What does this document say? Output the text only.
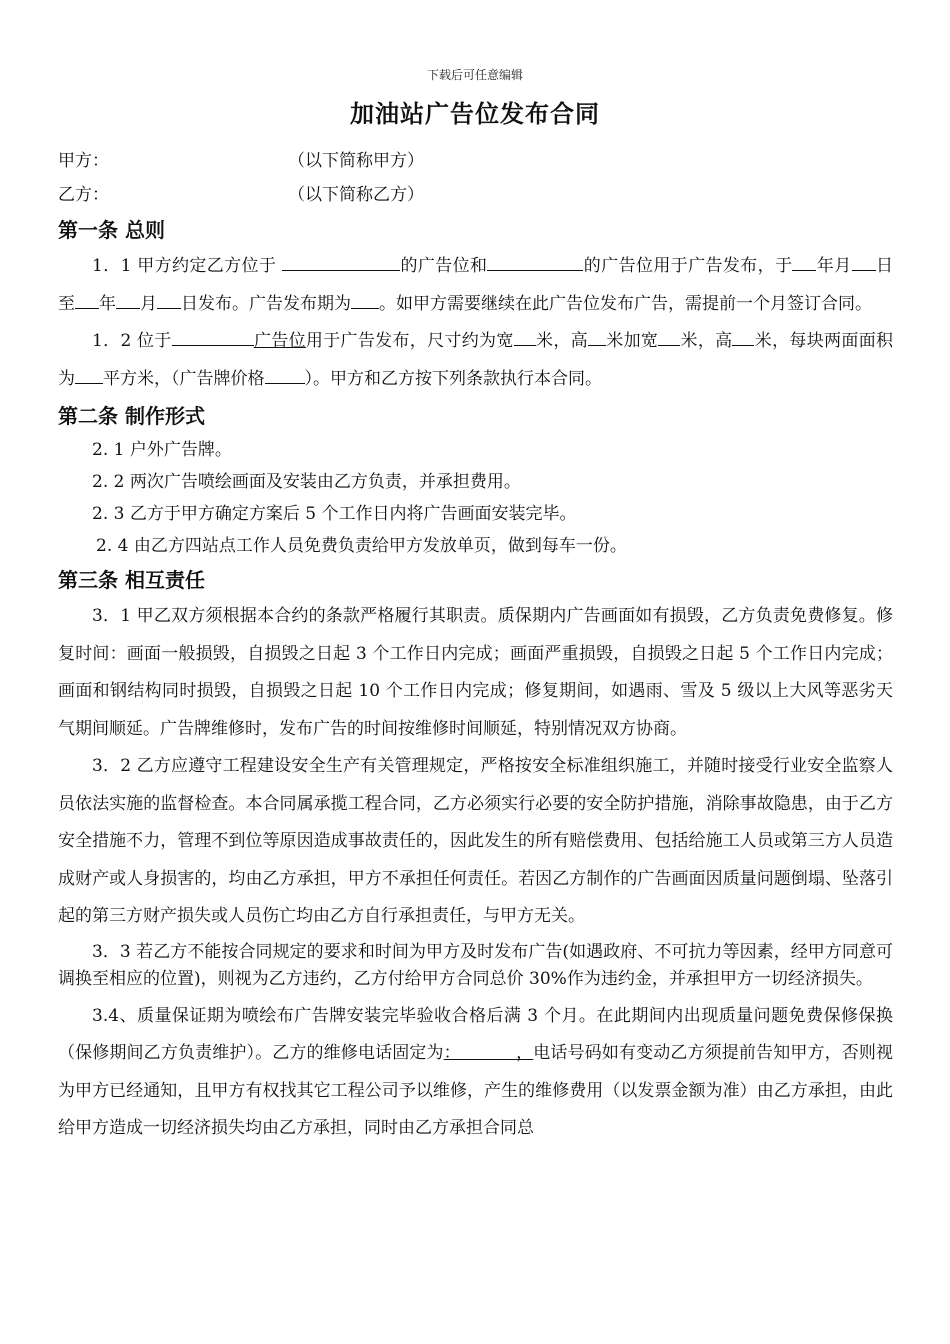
下载后可任意编辑
加油站广告位发布合同
甲方：	（以下简称甲方）
乙方：	（以下简称乙方）
第一条 总则

1．1 甲方约定乙方位于	的广告位和	的广告位用于广告发布，于 年月 日至 年 月 日发布。广告发布期为 。如甲方需要继续在此广告位发布广告，需提前一个月签订合同。

1．2 位于	广告位用于广告发布，尺寸约为宽 米，高 米加宽 米，高 米，每块两面面积为 平方米，（广告牌价格 ）。甲方和乙方按下列条款执行本合同。

第二条 制作形式
2. 1 户外广告牌。
2. 2 两次广告喷绘画面及安装由乙方负责，并承担费用。
2. 3 乙方于甲方确定方案后 5 个工作日内将广告画面安装完毕。
2. 4 由乙方四站点工作人员免费负责给甲方发放单页，做到每车一份。
第三条 相互责任

3．1 甲乙双方须根据本合约的条款严格履行其职责。质保期内广告画面如有损毁，乙方负责免费修复。修复时间：画面一般损毁，自损毁之日起 3 个工作日内完成；画面严重损毁，自损毁之日起 5 个工作日内完成；画面和钢结构同时损毁，自损毁之日起 10 个工作日内完成；修复期间，如遇雨、雪及 5 级以上大风等恶劣天气期间顺延。广告牌维修时，发布广告的时间按维修时间顺延，特别情况双方协商。

3．2 乙方应遵守工程建设安全生产有关管理规定，严格按安全标准组织施工，并随时接受行业安全监察人员依法实施的监督检查。本合同属承揽工程合同，乙方必须实行必要的安全防护措施，消除事故隐患，由于乙方安全措施不力，管理不到位等原因造成事故责任的，因此发生的所有赔偿费用、包括给施工人员或第三方人员造成财产或人身损害的，均由乙方承担，甲方不承担任何责任。若因乙方制作的广告画面因质量问题倒塌、坠落引起的第三方财产损失或人员伤亡均由乙方自行承担责任，与甲方无关。

3．3 若乙方不能按合同规定的要求和时间为甲方及时发布广告(如遇政府、不可抗力等因素，经甲方同意可调换至相应的位置)，则视为乙方违约，乙方付给甲方合同总价 30%作为违约金，并承担甲方一切经济损失。

3.4、质量保证期为喷绘布广告牌安装完毕验收合格后满 3 个月。在此期间内出现质量问题免费保修保换（保修期间乙方负责维护）。乙方的维修电话固定为：          ，电话号码如有变动乙方须提前告知甲方，否则视为甲方已经通知，且甲方有权找其它工程公司予以维修，产生的维修费用（以发票金额为准）由乙方承担，由此给甲方造成一切经济损失均由乙方承担，同时由乙方承担合同总
